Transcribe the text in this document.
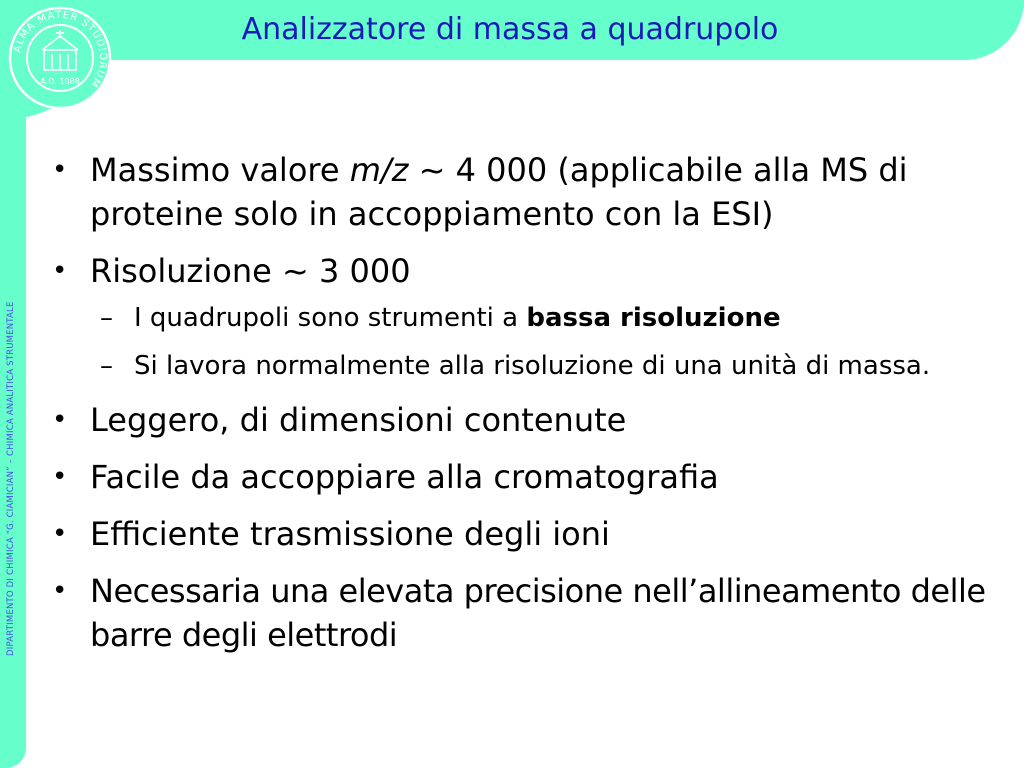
ALMA MATER STUDIORUM
A.D. 1088
Analizzatore di massa a quadrupolo
DIPARTIMENTO DI CHIMICA “G. CIAMICIAN” – CHIMICA ANALITICA STRUMENTALE
• Massimo valore m/z ~ 4 000 (applicabile alla MS di proteine solo in accoppiamento con la ESI)
• Risoluzione ~ 3 000
– I quadrupoli sono strumenti a bassa risoluzione
– Si lavora normalmente alla risoluzione di una unità di massa.
• Leggero, di dimensioni contenute
• Facile da accoppiare alla cromatografia
• Efficiente trasmissione degli ioni
• Necessaria una elevata precisione nell’allineamento delle barre degli elettrodi
